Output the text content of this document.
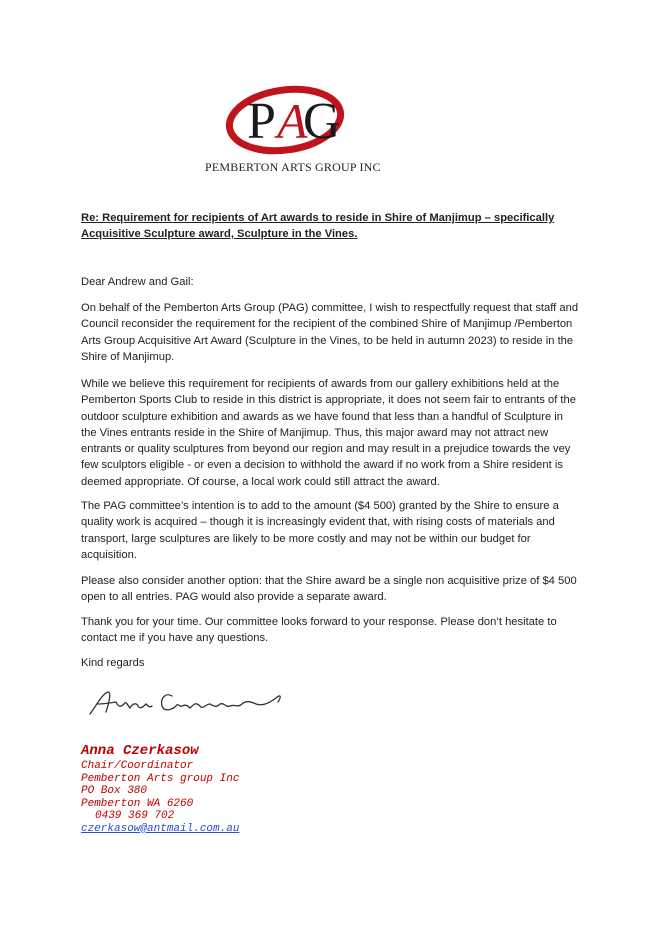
P A
G
PEMBERTON ARTS GROUP INC
Re: Requirement for recipients of Art awards to reside in Shire of Manjimup – specifically Acquisitive Sculpture award, Sculpture in the Vines.
Dear Andrew and Gail:
On behalf of the Pemberton Arts Group (PAG) committee, I wish to respectfully request that staff and Council reconsider the requirement for the recipient of the combined Shire of Manjimup /Pemberton Arts Group Acquisitive Art Award (Sculpture in the Vines, to be held in autumn 2023) to reside in the Shire of Manjimup.
While we believe this requirement for recipients of awards from our gallery exhibitions held at the Pemberton Sports Club to reside in this district is appropriate, it does not seem fair to entrants of the outdoor sculpture exhibition and awards as we have found that less than a handful of Sculpture in the Vines entrants reside in the Shire of Manjimup. Thus, this major award may not attract new entrants or quality sculptures from beyond our region and may result in a prejudice towards the vey few sculptors eligible - or even a decision to withhold the award if no work from a Shire resident is deemed appropriate. Of course, a local work could still attract the award.
The PAG committee’s intention is to add to the amount ($4 500) granted by the Shire to ensure a quality work is acquired – though it is increasingly evident that, with rising costs of materials and transport, large sculptures are likely to be more costly and may not be within our budget for acquisition.
Please also consider another option: that the Shire award be a single non acquisitive prize of $4 500 open to all entries. PAG would also provide a separate award.
Thank you for your time. Our committee looks forward to your response. Please don’t hesitate to contact me if you have any questions.
Kind regards
Anna Czerkasow
Chair/Coordinator
Pemberton Arts group Inc
PO Box 380
Pemberton WA 6260
0439 369 702
czerkasow@antmail.com.au
